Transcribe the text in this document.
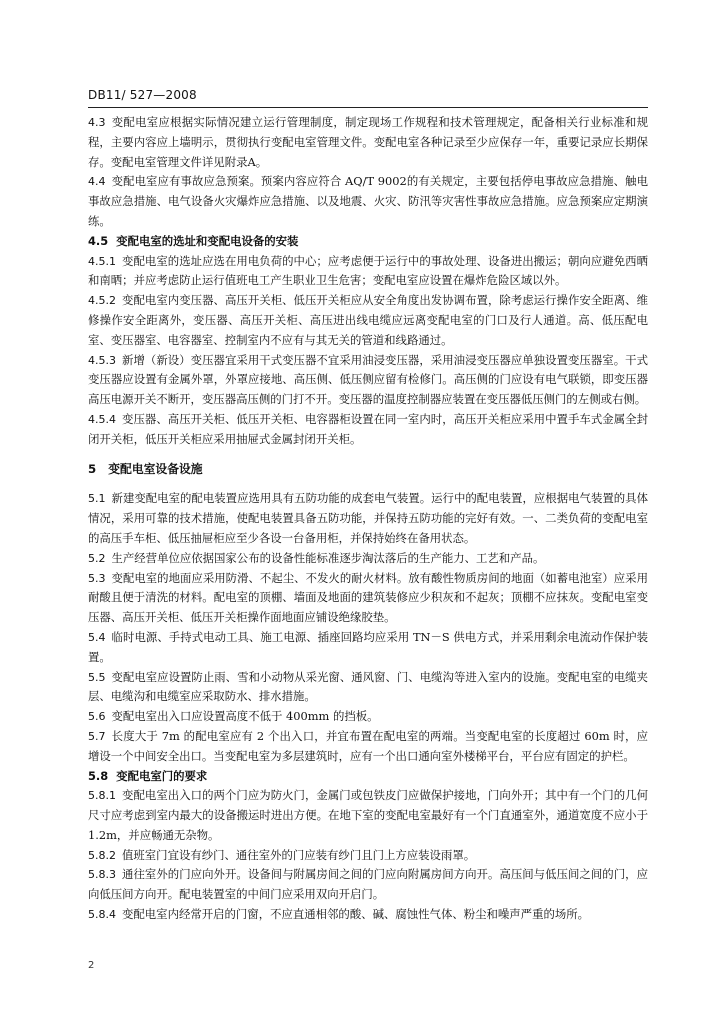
DB11/ 527—2008

4.3 变配电室应根据实际情况建立运行管理制度，制定现场工作规程和技术管理规定，配备相关行业标准和规程，主要内容应上墙明示，贯彻执行变配电室管理文件。变配电室各种记录至少应保存一年，重要记录应长期保存。变配电室管理文件详见附录A。

4.4 变配电室应有事故应急预案。预案内容应符合 AQ/T 9002的有关规定，主要包括停电事故应急措施、触电事故应急措施、电气设备火灾爆炸应急措施、以及地震、火灾、防汛等灾害性事故应急措施。应急预案应定期演练。

4.5 变配电室的选址和变配电设备的安装

4.5.1 变配电室的选址应选在用电负荷的中心；应考虑便于运行中的事故处理、设备进出搬运；朝向应避免西晒和南晒；并应考虑防止运行值班电工产生职业卫生危害；变配电室应设置在爆炸危险区域以外。

4.5.2 变配电室内变压器、高压开关柜、低压开关柜应从安全角度出发协调布置，除考虑运行操作安全距离、维修操作安全距离外，变压器、高压开关柜、高压进出线电缆应远离变配电室的门口及行人通道。高、低压配电室、变压器室、电容器室、控制室内不应有与其无关的管道和线路通过。

4.5.3 新增（新设）变压器宜采用干式变压器不宜采用油浸变压器，采用油浸变压器应单独设置变压器室。干式变压器应设置有金属外罩，外罩应接地、高压侧、低压侧应留有检修门。高压侧的门应设有电气联锁，即变压器高压电源开关不断开，变压器高压侧的门打不开。变压器的温度控制器应装置在变压器低压侧门的左侧或右侧。

4.5.4 变压器、高压开关柜、低压开关柜、电容器柜设置在同一室内时，高压开关柜应采用中置手车式金属全封闭开关柜，低压开关柜应采用抽屉式金属封闭开关柜。

5 变配电室设备设施

5.1 新建变配电室的配电装置应选用具有五防功能的成套电气装置。运行中的配电装置，应根据电气装置的具体情况，采用可靠的技术措施，使配电装置具备五防功能，并保持五防功能的完好有效。一、二类负荷的变配电室的高压手车柜、低压抽屉柜应至少各设一台备用柜，并保持始终在备用状态。

5.2 生产经营单位应依据国家公布的设备性能标准逐步淘汰落后的生产能力、工艺和产品。

5.3 变配电室的地面应采用防滑、不起尘、不发火的耐火材料。放有酸性物质房间的地面（如蓄电池室）应采用耐酸且便于清洗的材料。配电室的顶棚、墙面及地面的建筑装修应少积灰和不起灰；顶棚不应抹灰。变配电室变压器、高压开关柜、低压开关柜操作面地面应铺设绝缘胶垫。

5.4 临时电源、手持式电动工具、施工电源、插座回路均应采用 TN－S 供电方式，并采用剩余电流动作保护装置。

5.5 变配电室应设置防止雨、雪和小动物从采光窗、通风窗、门、电缆沟等进入室内的设施。变配电室的电缆夹层、电缆沟和电缆室应采取防水、排水措施。

5.6 变配电室出入口应设置高度不低于 400mm 的挡板。

5.7 长度大于 7m 的配电室应有 2 个出入口，并宜布置在配电室的两端。当变配电室的长度超过 60m 时，应增设一个中间安全出口。当变配电室为多层建筑时，应有一个出口通向室外楼梯平台，平台应有固定的护栏。

5.8 变配电室门的要求

5.8.1 变配电室出入口的两个门应为防火门，金属门或包铁皮门应做保护接地，门向外开；其中有一个门的几何尺寸应考虑到室内最大的设备搬运时进出方便。在地下室的变配电室最好有一个门直通室外，通道宽度不应小于 1.2m，并应畅通无杂物。

5.8.2 值班室门宜设有纱门、通往室外的门应装有纱门且门上方应装设雨罩。

5.8.3 通往室外的门应向外开。设备间与附属房间之间的门应向附属房间方向开。高压间与低压间之间的门，应向低压间方向开。配电装置室的中间门应采用双向开启门。

5.8.4 变配电室内经常开启的门窗，不应直通相邻的酸、碱、腐蚀性气体、粉尘和噪声严重的场所。

2
